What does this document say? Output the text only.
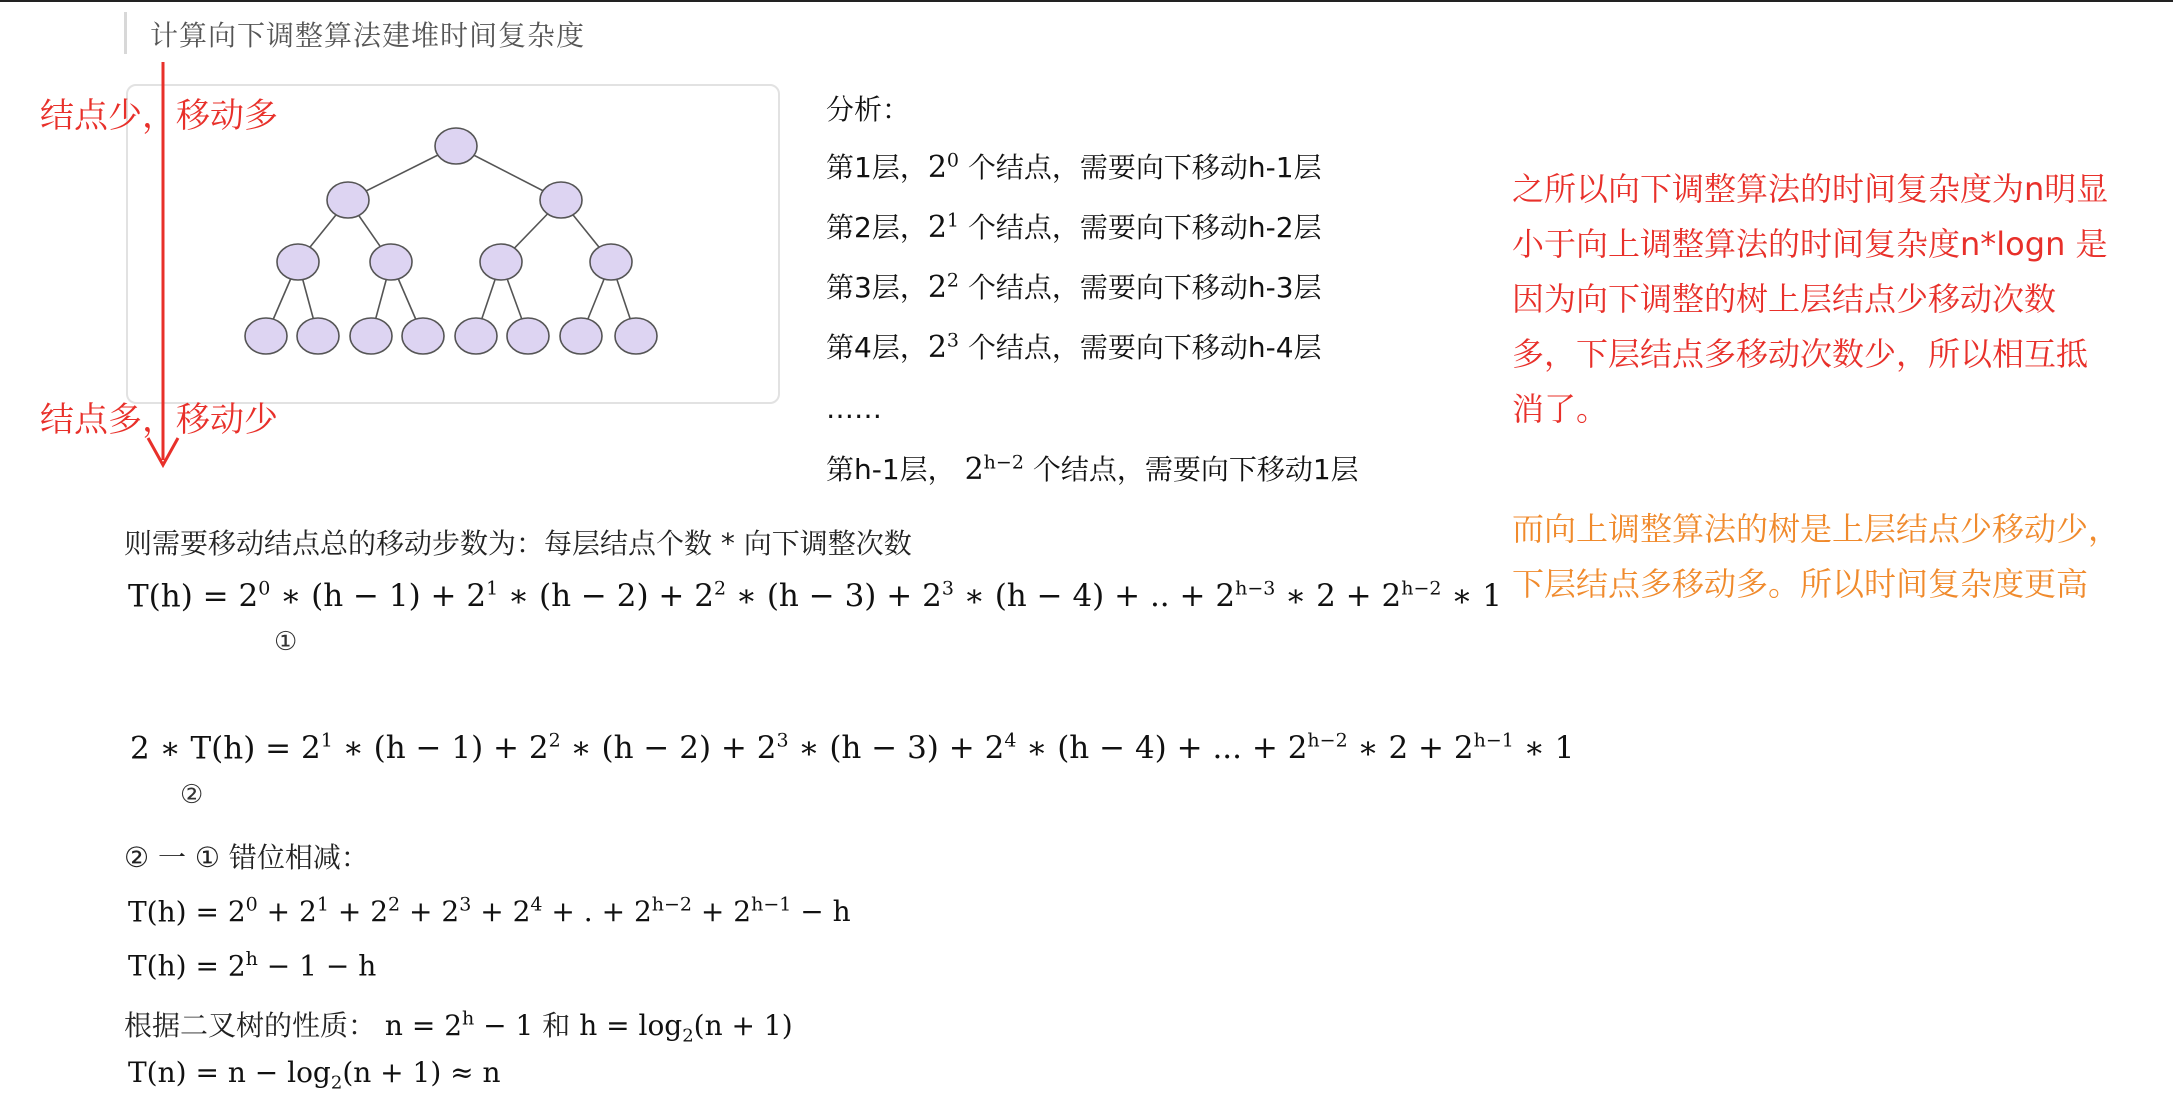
计算向下调整算法建堆时间复杂度
结点少，移动多
结点多，移动少
分析：
第1层，$2^0$ 个结点，需要向下移动h-1层
第2层，$2^1$ 个结点，需要向下移动h-2层
第3层，$2^2$ 个结点，需要向下移动h-3层
第4层，$2^3$ 个结点，需要向下移动h-4层
……
第h-1层， $2^{h-2}$ 个结点，需要向下移动1层
则需要移动结点总的移动步数为：每层结点个数 * 向下调整次数
$T(h) = 2^0$ ∗ $(h - 1) + 2^1$ ∗ $(h - 2) + 2^2$ ∗ $(h - 3) + 2^3$ ∗ (h − 4) + .. + $2^{h-3}$ ∗ $2 + 2^{h-2}$ ∗ 1
①
2 ∗ $T(h) = 2^1$ ∗ $(h - 1) + 2^2$ ∗ $(h - 2) + 2^3$ ∗ $(h - 3) + 2^4$ ∗ (h − 4) + ... + $2^{h-2}$ ∗ $2 + 2^{h-1}$ ∗ 1
②
② 一 ① 错位相减：
$T(h) = 2^0 + 2^1 + 2^2 + 2^3 + 2^4$ + . + $2^{h-2} + 2^{h-1} - h$
$T(h) = 2^h - 1 - h$
根据二叉树的性质： $n = 2^h - 1$ 和 $h = \log_2(n + 1)$
$T(n) = n - \log_2(n + 1) \approx n$
之所以向下调整算法的时间复杂度为n明显
小于向上调整算法的时间复杂度n*logn 是
因为向下调整的树上层结点少移动次数
多，下层结点多移动次数少，所以相互抵
消了。
而向上调整算法的树是上层结点少移动少，
下层结点多移动多。所以时间复杂度更高
